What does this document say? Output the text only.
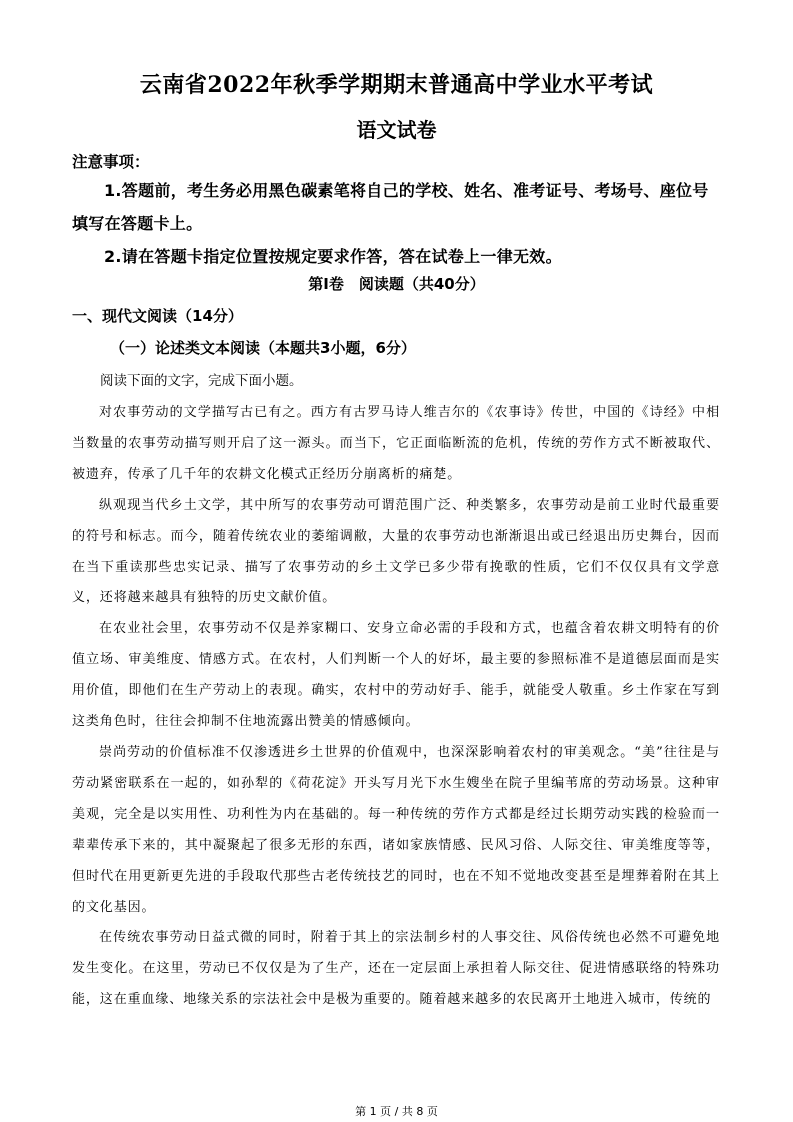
云南省2022年秋季学期期末普通高中学业水平考试
语文试卷
注意事项：
1.答题前，考生务必用黑色碳素笔将自己的学校、姓名、准考证号、考场号、座位号填写在答题卡上。
2.请在答题卡指定位置按规定要求作答，答在试卷上一律无效。
第Ⅰ卷　阅读题（共40分）
一、现代文阅读（14分）
（一）论述类文本阅读（本题共3小题，6分）
阅读下面的文字，完成下面小题。

对农事劳动的文学描写古已有之。西方有古罗马诗人维吉尔的《农事诗》传世，中国的《诗经》中相当数量的农事劳动描写则开启了这一源头。而当下，它正面临断流的危机，传统的劳作方式不断被取代、被遗弃，传承了几千年的农耕文化模式正经历分崩离析的痛楚。

纵观现当代乡土文学，其中所写的农事劳动可谓范围广泛、种类繁多，农事劳动是前工业时代最重要的符号和标志。而今，随着传统农业的萎缩调敝，大量的农事劳动也渐渐退出或已经退出历史舞台，因而在当下重读那些忠实记录、描写了农事劳动的乡土文学已多少带有挽歌的性质，它们不仅仅具有文学意义，还将越来越具有独特的历史文献价值。

在农业社会里，农事劳动不仅是养家糊口、安身立命必需的手段和方式，也蕴含着农耕文明特有的价值立场、审美维度、情感方式。在农村，人们判断一个人的好坏，最主要的参照标准不是道德层面而是实用价值，即他们在生产劳动上的表现。确实，农村中的劳动好手、能手，就能受人敬重。乡土作家在写到这类角色时，往往会抑制不住地流露出赞美的情感倾向。

崇尚劳动的价值标准不仅渗透进乡土世界的价值观中，也深深影响着农村的审美观念。“美”往往是与劳动紧密联系在一起的，如孙犁的《荷花淀》开头写月光下水生嫂坐在院子里编苇席的劳动场景。这种审美观，完全是以实用性、功利性为内在基础的。每一种传统的劳作方式都是经过长期劳动实践的检验而一辈辈传承下来的，其中凝聚起了很多无形的东西，诸如家族情感、民风习俗、人际交往、审美维度等等，但时代在用更新更先进的手段取代那些古老传统技艺的同时，也在不知不觉地改变甚至是埋葬着附在其上的文化基因。

在传统农事劳动日益式微的同时，附着于其上的宗法制乡村的人事交往、风俗传统也必然不可避免地发生变化。在这里，劳动已不仅仅是为了生产，还在一定层面上承担着人际交往、促进情感联络的特殊功能，这在重血缘、地缘关系的宗法社会中是极为重要的。随着越来越多的农民离开土地进入城市，传统的

第 1 页 / 共 8 页
